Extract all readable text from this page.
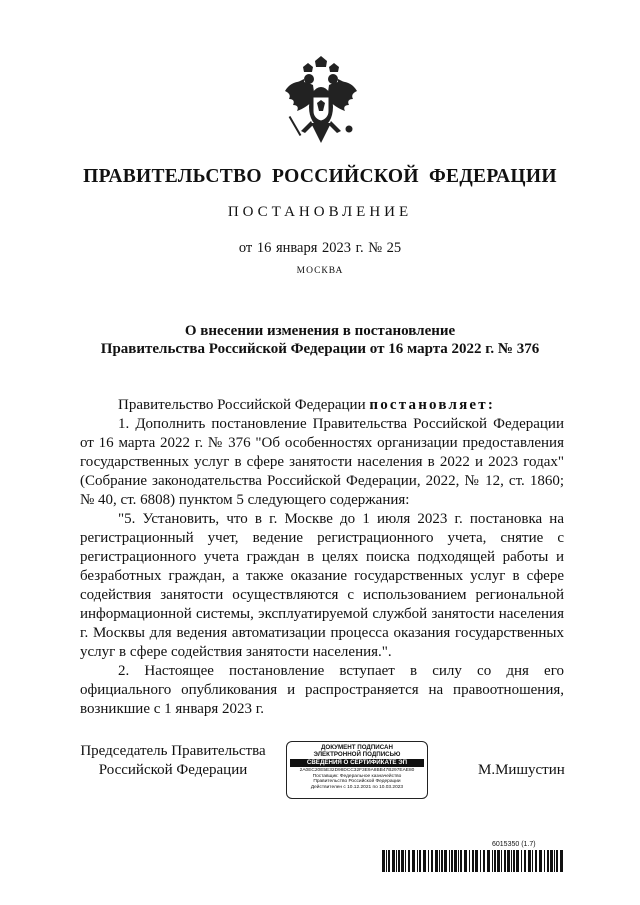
ПРАВИТЕЛЬСТВО РОССИЙСКОЙ ФЕДЕРАЦИИ
ПОСТАНОВЛЕНИЕ
от 16 января 2023 г. № 25
МОСКВА
О внесении изменения в постановление
Правительства Российской Федерации от 16 марта 2022 г. № 376

Правительство Российской Федерации постановляет:

1. Дополнить постановление Правительства Российской Федерации от 16 марта 2022 г. № 376 "Об особенностях организации предоставления государственных услуг в сфере занятости населения в 2022 и 2023 годах" (Собрание законодательства Российской Федерации, 2022, № 12, ст. 1860; № 40, ст. 6808) пунктом 5 следующего содержания:

"5. Установить, что в г. Москве до 1 июля 2023 г. постановка на регистрационный учет, ведение регистрационного учета, снятие с регистрационного учета граждан в целях поиска подходящей работы и безработных граждан, а также оказание государственных услуг в сфере содействия занятости осуществляются с использованием региональной информационной системы, эксплуатируемой службой занятости населения г. Москвы для ведения автоматизации процесса оказания государственных услуг в сфере содействия занятости населения.".

2. Настоящее постановление вступает в силу со дня его официального опубликования и распространяется на правоотношения, возникшие с 1 января 2023 г.

Председатель Правительства
Российской Федерации
ДОКУМЕНТ ПОДПИСАН
ЭЛЕКТРОННОЙ ПОДПИСЬЮ
СВЕДЕНИЯ О СЕРТИФИКАТЕ ЭП
2A0EC20E5E32D98DCC32F3E9A8BB47B297EAE80
Поставщик: Федеральное казначейство
Правительство Российской Федерации
Действителен с 10.12.2021 по 10.03.2023
М.Мишустин
6015350 (1.7)
